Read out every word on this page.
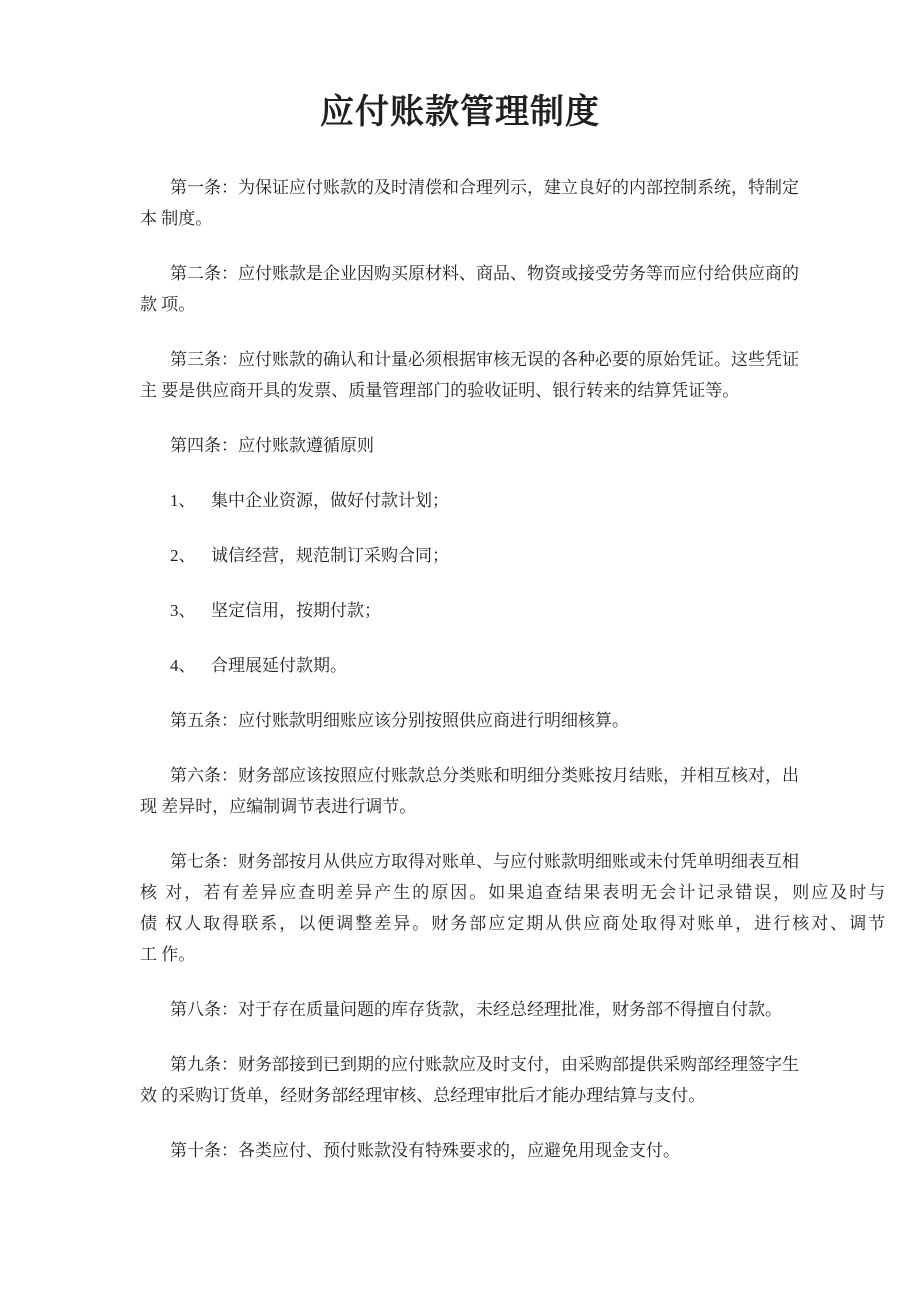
应付账款管理制度
第一条：为保证应付账款的及时清偿和合理列示，建立良好的内部控制系统，特制定
本 制度。
第二条：应付账款是企业因购买原材料、商品、物资或接受劳务等而应付给供应商的
款 项。
第三条：应付账款的确认和计量必须根据审核无误的各种必要的原始凭证。这些凭证
主 要是供应商开具的发票、质量管理部门的验收证明、银行转来的结算凭证等。
第四条：应付账款遵循原则
1、 集中企业资源，做好付款计划；
2、 诚信经营，规范制订采购合同；
3、 坚定信用，按期付款；
4、 合理展延付款期。
第五条：应付账款明细账应该分别按照供应商进行明细核算。
第六条：财务部应该按照应付账款总分类账和明细分类账按月结账，并相互核对，出
现 差异时，应编制调节表进行调节。
第七条：财务部按月从供应方取得对账单、与应付账款明细账或未付凭单明细表互相
核 对，若有差异应查明差异产生的原因。如果追查结果表明无会计记录错误，则应及时与
债 权人取得联系，以便调整差异。财务部应定期从供应商处取得对账单，进行核对、调节
工 作。
第八条：对于存在质量问题的库存货款，未经总经理批准，财务部不得擅自付款。
第九条：财务部接到已到期的应付账款应及时支付，由采购部提供采购部经理签字生
效 的采购订货单，经财务部经理审核、总经理审批后才能办理结算与支付。
第十条：各类应付、预付账款没有特殊要求的，应避免用现金支付。
